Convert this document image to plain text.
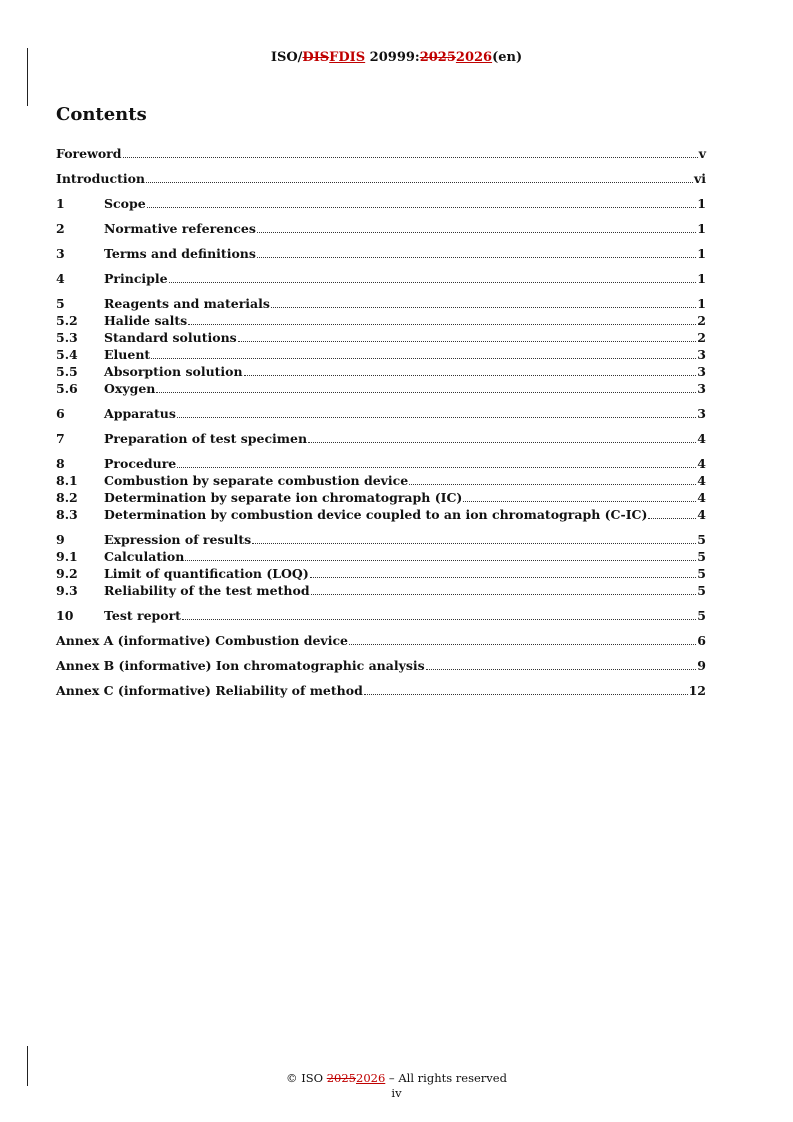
ISO/DISFDIS 20999:20252026(en)
Contents
Foreword	v
Introduction	vi
1	Scope	1
2	Normative references	1
3	Terms and definitions	1
4	Principle	1
5	Reagents and materials	1
5.2	Halide salts	2
5.3	Standard solutions	2
5.4	Eluent	3
5.5	Absorption solution	3
5.6	Oxygen	3
6	Apparatus	3
7	Preparation of test specimen	4
8	Procedure	4
8.1	Combustion by separate combustion device	4
8.2	Determination by separate ion chromatograph (IC)	4
8.3	Determination by combustion device coupled to an ion chromatograph (C-IC)	4
9	Expression of results	5
9.1	Calculation	5
9.2	Limit of quantification (LOQ)	5
9.3	Reliability of the test method	5
10	Test report	5
Annex A (informative) Combustion device	6
Annex B (informative) Ion chromatographic analysis	9
Annex C (informative) Reliability of method	12
© ISO 20252026 – All rights reserved
iv
